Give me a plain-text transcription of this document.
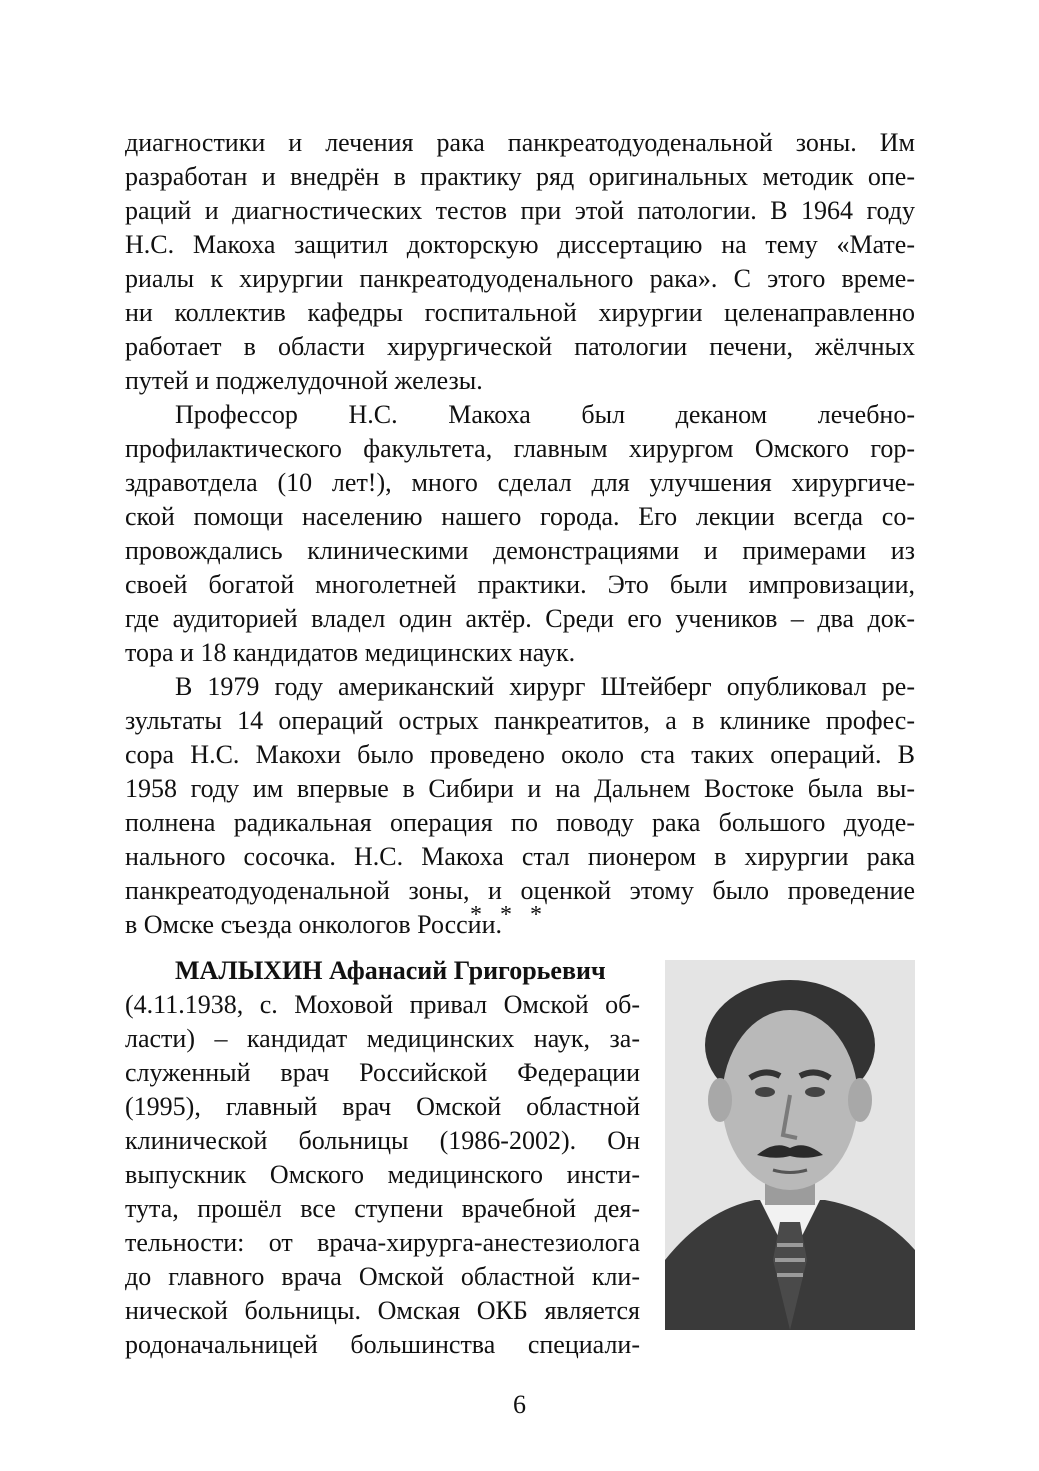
диагностики и лечения рака панкреатодуоденальной зоны. Им
разработан и внедрён в практику ряд оригинальных методик опе-
раций и диагностических тестов при этой патологии. В 1964 году
Н.С. Макоха защитил докторскую диссертацию на тему «Мате-
риалы к хирургии панкреатодуоденального рака». С этого време-
ни коллектив кафедры госпитальной хирургии целенаправленно
работает в области хирургической патологии печени, жёлчных
путей и поджелудочной железы.
Профессор Н.С. Макоха был деканом лечебно-
профилактического факультета, главным хирургом Омского гор-
здравотдела (10 лет!), много сделал для улучшения хирургиче-
ской помощи населению нашего города. Его лекции всегда со-
провождались клиническими демонстрациями и примерами из
своей богатой многолетней практики. Это были импровизации,
где аудиторией владел один актёр. Среди его учеников – два док-
тора и 18 кандидатов медицинских наук.
В 1979 году американский хирург Штейберг опубликовал ре-
зультаты 14 операций острых панкреатитов, а в клинике профес-
сора Н.С. Макохи было проведено около ста таких операций. В
1958 году им впервые в Сибири и на Дальнем Востоке была вы-
полнена радикальная операция по поводу рака большого дуоде-
нального сосочка. Н.С. Макоха стал пионером в хирургии рака
панкреатодуоденальной зоны, и оценкой этому было проведение
в Омске съезда онкологов России.
* * *
МАЛЫХИН Афанасий Григорьевич
(4.11.1938, с. Моховой привал Омской об-
ласти) – кандидат медицинских наук, за-
служенный врач Российской Федерации
(1995), главный врач Омской областной
клинической больницы (1986-2002). Он
выпускник Омского медицинского инсти-
тута, прошёл все ступени врачебной дея-
тельности: от врача-хирурга-анестезиолога
до главного врача Омской областной кли-
нической больницы. Омская ОКБ является
родоначальницей большинства специали-
6
